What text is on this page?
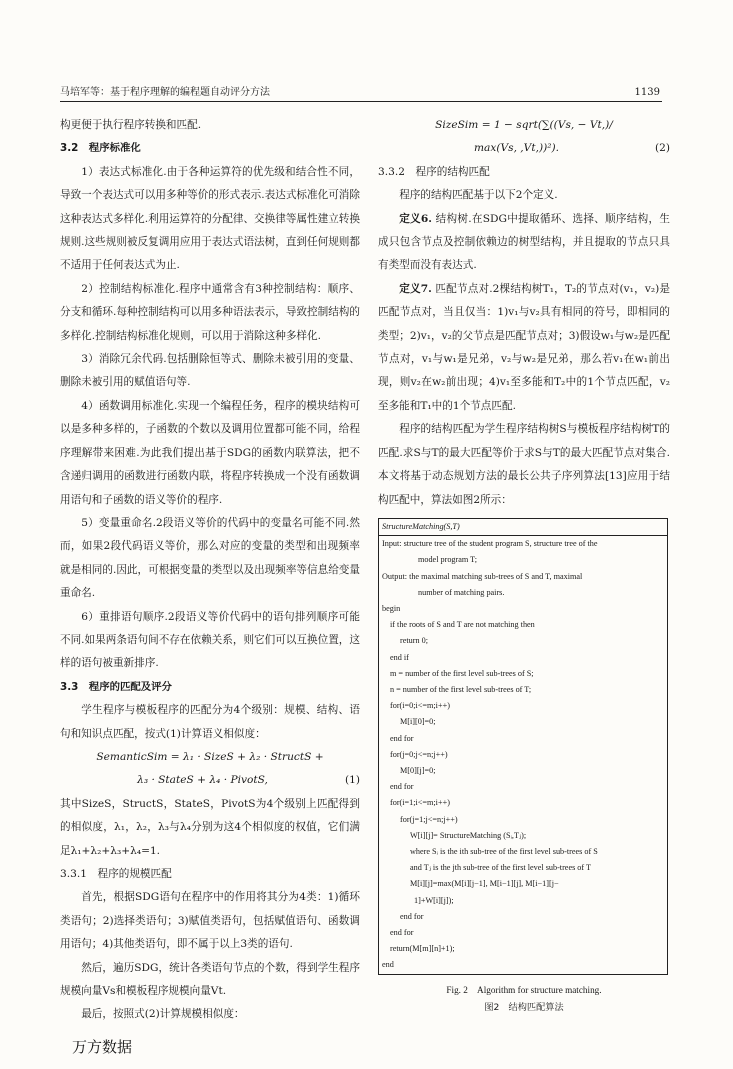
马培军等：基于程序理解的编程题自动评分方法	1139

构更便于执行程序转换和匹配.

3.2　程序标准化

1）表达式标准化.由于各种运算符的优先级和结合性不同，导致一个表达式可以用多种等价的形式表示.表达式标准化可消除这种表达式多样化.利用运算符的分配律、交换律等属性建立转换规则.这些规则被反复调用应用于表达式语法树，直到任何规则都不适用于任何表达式为止.

2）控制结构标准化.程序中通常含有3种控制结构：顺序、分支和循环.每种控制结构可以用多种语法表示，导致控制结构的多样化.控制结构标准化规则，可以用于消除这种多样化.

3）消除冗余代码.包括删除恒等式、删除未被引用的变量、删除未被引用的赋值语句等.

4）函数调用标准化.实现一个编程任务，程序的模块结构可以是多种多样的，子函数的个数以及调用位置都可能不同，给程序理解带来困难.为此我们提出基于SDG的函数内联算法，把不含递归调用的函数进行函数内联，将程序转换成一个没有函数调用语句和子函数的语义等价的程序.

5）变量重命名.2段语义等价的代码中的变量名可能不同.然而，如果2段代码语义等价，那么对应的变量的类型和出现频率就是相同的.因此，可根据变量的类型以及出现频率等信息给变量重命名.

6）重排语句顺序.2段语义等价代码中的语句排列顺序可能不同.如果两条语句间不存在依赖关系，则它们可以互换位置，这样的语句被重新排序.

3.3　程序的匹配及评分

学生程序与模板程序的匹配分为4个级别：规模、结构、语句和知识点匹配，按式(1)计算语义相似度：

SemanticSim = λ₁ · SizeS + λ₂ · StructS +
λ₃ · StateS + λ₄ · PivotS,	(1)

其中SizeS，StructS，StateS，PivotS为4个级别上匹配得到的相似度，λ₁，λ₂，λ₃与λ₄分别为这4个相似度的权值，它们满足λ₁+λ₂+λ₃+λ₄=1.

3.3.1　程序的规模匹配

首先，根据SDG语句在程序中的作用将其分为4类：1)循环类语句；2)选择类语句；3)赋值类语句，包括赋值语句、函数调用语句；4)其他类语句，即不属于以上3类的语句.

然后，遍历SDG，统计各类语句节点的个数，得到学生程序规模向量Vs和模板程序规模向量Vt.

最后，按照式(2)计算规模相似度：

SizeSim = 1 − sqrt(∑((Vs, − Vt,)/
max(Vs, ,Vt,))²).	(2)

3.3.2　程序的结构匹配

程序的结构匹配基于以下2个定义.

定义6. 结构树.在SDG中提取循环、选择、顺序结构，生成只包含节点及控制依赖边的树型结构，并且提取的节点只具有类型而没有表达式.

定义7. 匹配节点对.2棵结构树T₁，T₂的节点对(v₁，v₂)是匹配节点对，当且仅当：1)v₁与v₂具有相同的符号，即相同的类型；2)v₁，v₂的父节点是匹配节点对；3)假设w₁与w₂是匹配节点对，v₁与w₁是兄弟，v₂与w₂是兄弟，那么若v₁在w₁前出现，则v₂在w₂前出现；4)v₁至多能和T₂中的1个节点匹配，v₂至多能和T₁中的1个节点匹配.

程序的结构匹配为学生程序结构树S与模板程序结构树T的匹配.求S与T的最大匹配等价于求S与T的最大匹配节点对集合.本文将基于动态规划方法的最长公共子序列算法[13]应用于结构匹配中，算法如图2所示：

StructureMatching(S,T)
Input: structure tree of the student program S, structure tree of the
model program T;
Output: the maximal matching sub-trees of S and T, maximal
number of matching pairs.
begin
if the roots of S and T are not matching then
return 0;
end if
m = number of the first level sub-trees of S;
n = number of the first level sub-trees of T;
for(i=0;i<=m;i++)
M[i][0]=0;
end for
for(j=0;j<=n;j++)
M[0][j]=0;
end for
for(i=1;i<=m;i++)
for(j=1;j<=n;j++)
W[i][j]= StructureMatching (Sᵢ,Tⱼ);
where Sᵢ is the ith sub-tree of the first level sub-trees of S
and Tⱼ is the jth sub-tree of the first level sub-trees of T
M[i][j]=max(M[i][j−1], M[i−1][j], M[i−1][j−
1]+W[i][j]);
end for
end for
return(M[m][n]+1);
end
Fig. 2　Algorithm for structure matching.
图2　结构匹配算法
万方数据
